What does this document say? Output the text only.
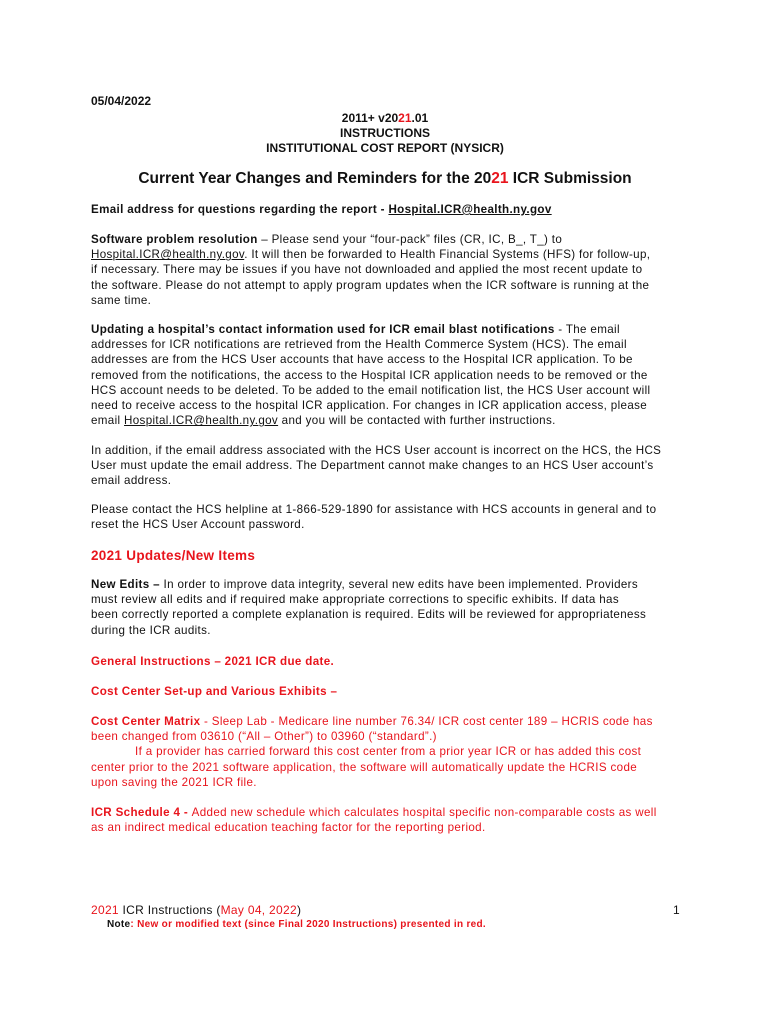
05/04/2022
2011+ v2021.01
INSTRUCTIONS
INSTITUTIONAL COST REPORT (NYSICR)
Current Year Changes and Reminders for the 2021 ICR Submission
Email address for questions regarding the report - Hospital.ICR@health.ny.gov
Software problem resolution – Please send your “four-pack” files (CR, IC, B_, T_) to
Hospital.ICR@health.ny.gov. It will then be forwarded to Health Financial Systems (HFS) for follow-up,
if necessary. There may be issues if you have not downloaded and applied the most recent update to
the software. Please do not attempt to apply program updates when the ICR software is running at the
same time.
Updating a hospital’s contact information used for ICR email blast notifications - The email
addresses for ICR notifications are retrieved from the Health Commerce System (HCS). The email
addresses are from the HCS User accounts that have access to the Hospital ICR application. To be
removed from the notifications, the access to the Hospital ICR application needs to be removed or the
HCS account needs to be deleted. To be added to the email notification list, the HCS User account will
need to receive access to the hospital ICR application. For changes in ICR application access, please
email Hospital.ICR@health.ny.gov and you will be contacted with further instructions.
In addition, if the email address associated with the HCS User account is incorrect on the HCS, the HCS
User must update the email address. The Department cannot make changes to an HCS User account’s
email address.
Please contact the HCS helpline at 1-866-529-1890 for assistance with HCS accounts in general and to
reset the HCS User Account password.
2021 Updates/New Items
New Edits – In order to improve data integrity, several new edits have been implemented. Providers
must review all edits and if required make appropriate corrections to specific exhibits. If data has
been correctly reported a complete explanation is required. Edits will be reviewed for appropriateness
during the ICR audits.
General Instructions – 2021 ICR due date.
Cost Center Set-up and Various Exhibits –
Cost Center Matrix - Sleep Lab - Medicare line number 76.34/ ICR cost center 189 – HCRIS code has
been changed from 03610 (“All – Other”) to 03960 (“standard”.)
If a provider has carried forward this cost center from a prior year ICR or has added this cost
center prior to the 2021 software application, the software will automatically update the HCRIS code
upon saving the 2021 ICR file.
ICR Schedule 4 - Added new schedule which calculates hospital specific non-comparable costs as well
as an indirect medical education teaching factor for the reporting period.
2021 ICR Instructions (May 04, 2022)	1
Note: New or modified text (since Final 2020 Instructions) presented in red.
